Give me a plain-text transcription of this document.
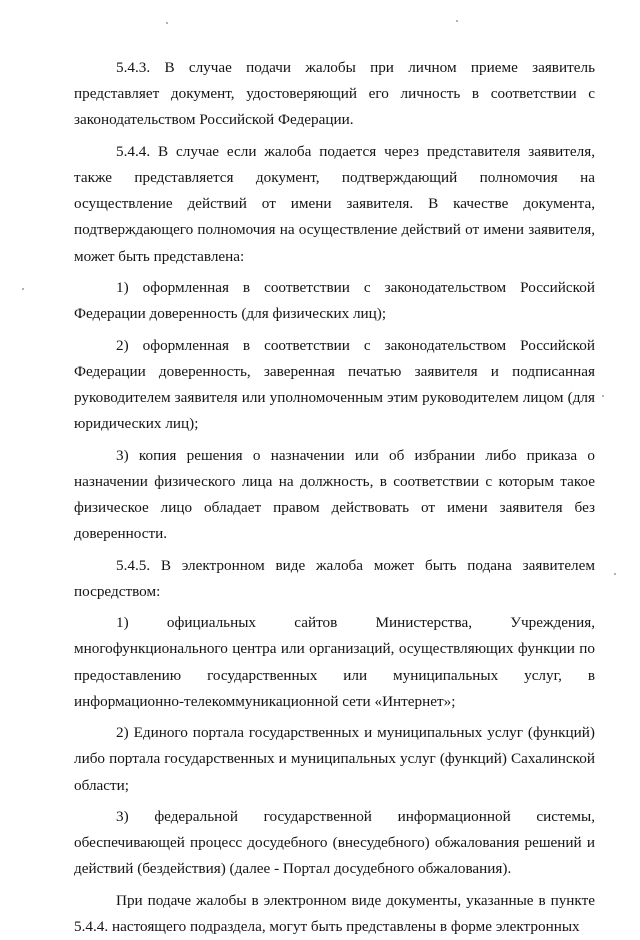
5.4.3. В случае подачи жалобы при личном приеме заявитель представляет документ, удостоверяющий его личность в соответствии с законодательством Российской Федерации.

5.4.4. В случае если жалоба подается через представителя заявителя, также представляется документ, подтверждающий полномочия на осуществление действий от имени заявителя. В качестве документа, подтверждающего полномочия на осуществление действий от имени заявителя, может быть представлена:

1) оформленная в соответствии с законодательством Российской Федерации доверенность (для физических лиц);

2) оформленная в соответствии с законодательством Российской Федерации доверенность, заверенная печатью заявителя и подписанная руководителем заявителя или уполномоченным этим руководителем лицом (для юридических лиц);

3) копия решения о назначении или об избрании либо приказа о назначении физического лица на должность, в соответствии с которым такое физическое лицо обладает правом действовать от имени заявителя без доверенности.

5.4.5. В электронном виде жалоба может быть подана заявителем посредством:

1) официальных сайтов Министерства, Учреждения, многофункционального центра или организаций, осуществляющих функции по предоставлению государственных или муниципальных услуг, в информационно-телекоммуникационной сети «Интернет»;

2) Единого портала государственных и муниципальных услуг (функций) либо портала государственных и муниципальных услуг (функций) Сахалинской области;

3) федеральной государственной информационной системы, обеспечивающей процесс досудебного (внесудебного) обжалования решений и действий (бездействия) (далее - Портал досудебного обжалования).

При подаче жалобы в электронном виде документы, указанные в пункте 5.4.4. настоящего подраздела, могут быть представлены в форме электронных
